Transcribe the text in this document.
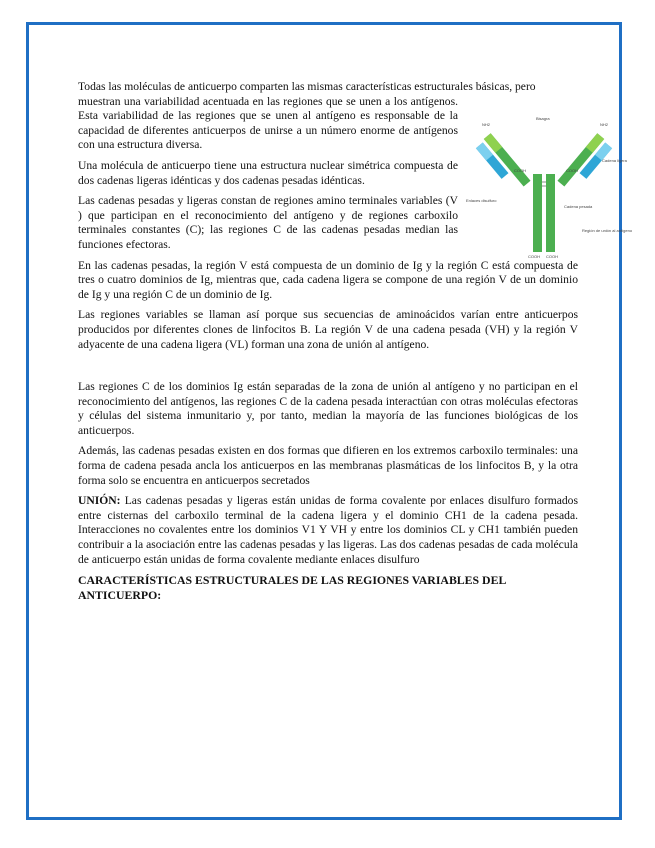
NH2	NH2
Bisagra
COOH	COOH
Cadena ligera
Cadena pesada
Enlaces disulfuro
Región de unión al antígeno
COOH COOH

Todas las moléculas de anticuerpo comparten las mismas características estructurales básicas, pero
muestran una variabilidad acentuada en las regiones que se unen a los antígenos. Esta variabilidad de las regiones que se unen al antígeno es responsable de la capacidad de diferentes anticuerpos de unirse a un número enorme de antígenos con una estructura diversa.

Una molécula de anticuerpo tiene una estructura nuclear simétrica compuesta de dos cadenas ligeras idénticas y dos cadenas pesadas idénticas.

Las cadenas pesadas y ligeras constan de regiones amino terminales variables (V ) que participan en el reconocimiento del antígeno y de regiones carboxilo terminales constantes (C); las regiones C de las cadenas pesadas median las funciones efectoras.

En las cadenas pesadas, la región V está compuesta de un dominio de Ig y la región C está compuesta de tres o cuatro dominios de Ig, mientras que, cada cadena ligera se compone de una región V de un dominio de Ig y una región C de un dominio de Ig.

Las regiones variables se llaman así porque sus secuencias de aminoácidos varían entre anticuerpos producidos por diferentes clones de linfocitos B. La región V de una cadena pesada (VH) y la región V adyacente de una cadena ligera (VL) forman una zona de unión al antígeno.

Las regiones C de los dominios Ig están separadas de la zona de unión al antígeno y no participan en el reconocimiento del antígenos, las regiones C de la cadena pesada interactúan con otras moléculas efectoras y células del sistema inmunitario y, por tanto, median la mayoría de las funciones biológicas de los anticuerpos.

Además, las cadenas pesadas existen en dos formas que difieren en los extremos carboxilo terminales: una forma de cadena pesada ancla los anticuerpos en las membranas plasmáticas de los linfocitos B, y la otra forma solo se encuentra en anticuerpos secretados

UNIÓN: Las cadenas pesadas y ligeras están unidas de forma covalente por enlaces disulfuro formados entre cisternas del carboxilo terminal de la cadena ligera y el dominio CH1 de la cadena pesada. Interacciones no covalentes entre los dominios V1 Y VH y entre los dominios CL y CH1 también pueden contribuir a la asociación entre las cadenas pesadas y las ligeras. Las dos cadenas pesadas de cada molécula de anticuerpo están unidas de forma covalente mediante enlaces disulfuro

CARACTERÍSTICAS ESTRUCTURALES DE LAS REGIONES VARIABLES DEL ANTICUERPO:
